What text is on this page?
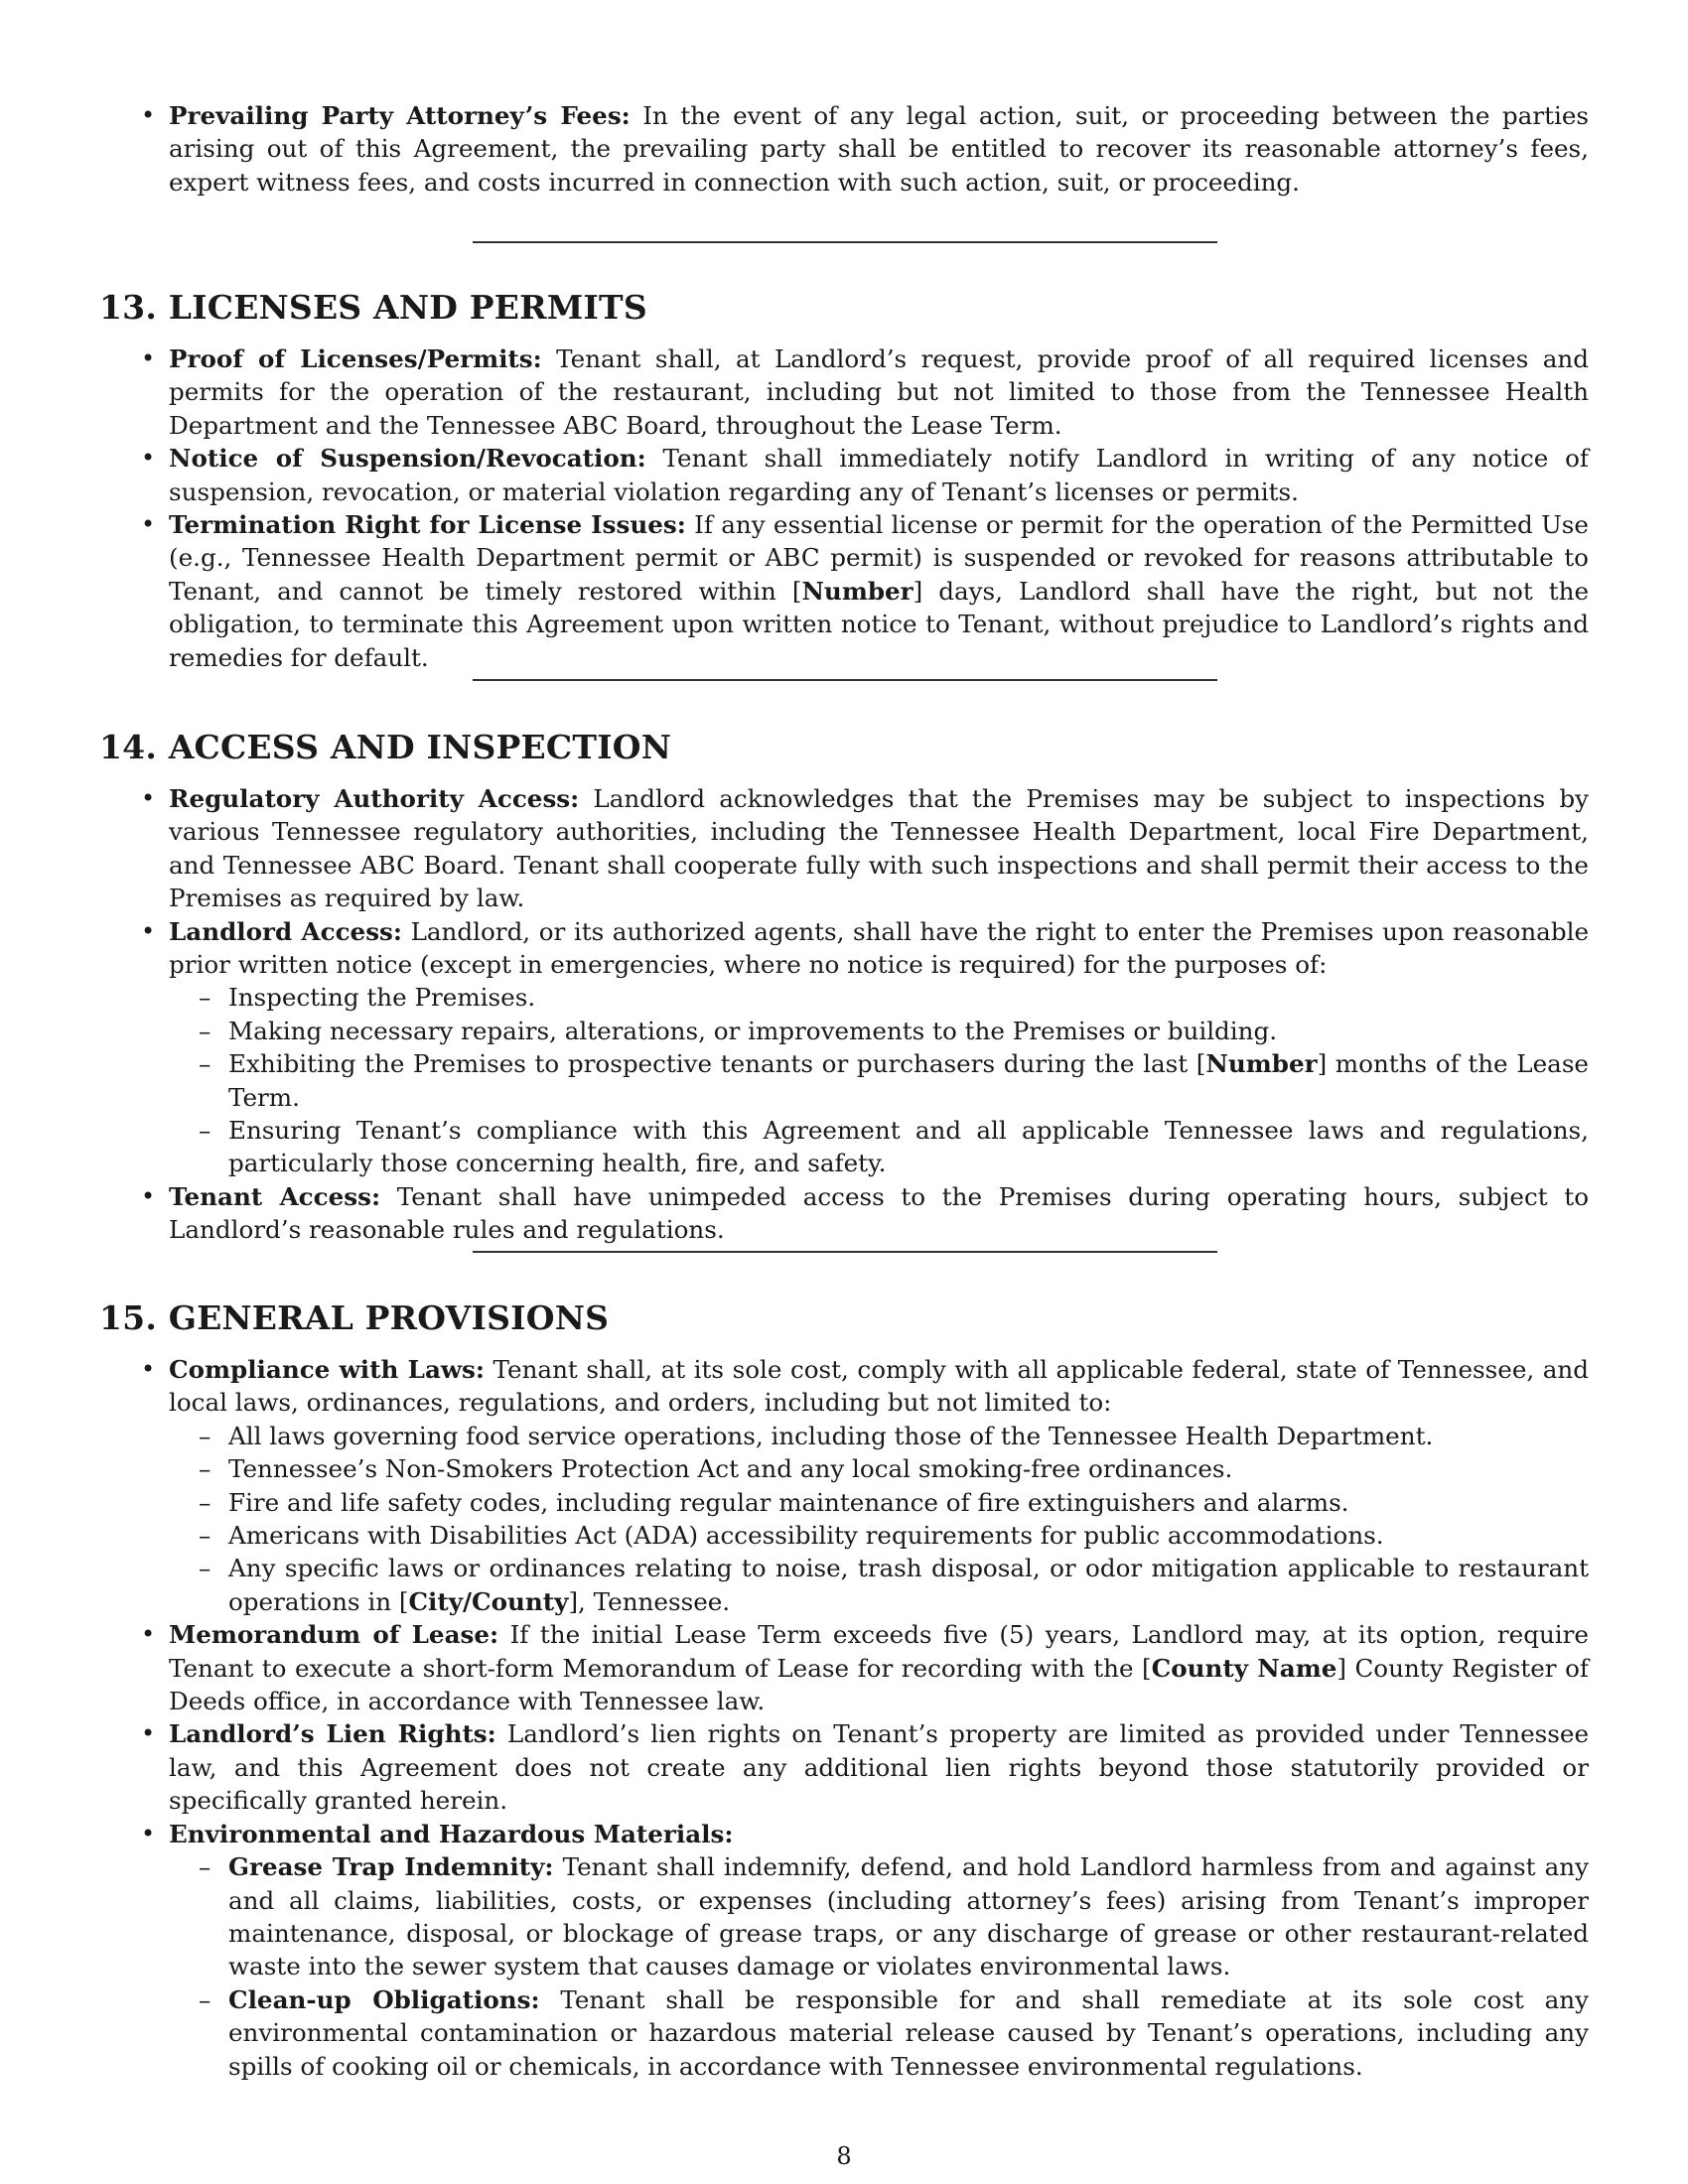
• Prevailing Party Attorney’s Fees: In the event of any legal action, suit, or proceeding between the parties arising out of this Agreement, the prevailing party shall be entitled to recover its reasonable attorney’s fees, expert witness fees, and costs incurred in connection with such action, suit, or proceeding.
13. LICENSES AND PERMITS
• Proof of Licenses/Permits: Tenant shall, at Landlord’s request, provide proof of all required licenses and permits for the operation of the restaurant, including but not limited to those from the Tennessee Health Department and the Tennessee ABC Board, throughout the Lease Term.
• Notice of Suspension/Revocation: Tenant shall immediately notify Landlord in writing of any notice of suspension, revocation, or material violation regarding any of Tenant’s licenses or permits.
• Termination Right for License Issues: If any essential license or permit for the operation of the Permitted Use (e.g., Tennessee Health Department permit or ABC permit) is suspended or revoked for reasons attributable to Tenant, and cannot be timely restored within [Number] days, Landlord shall have the right, but not the obligation, to terminate this Agreement upon written notice to Tenant, without prejudice to Landlord’s rights and remedies for default.
14. ACCESS AND INSPECTION
• Regulatory Authority Access: Landlord acknowledges that the Premises may be subject to inspections by various Tennessee regulatory authorities, including the Tennessee Health Department, local Fire Department, and Tennessee ABC Board. Tenant shall cooperate fully with such inspections and shall permit their access to the Premises as required by law.
• Landlord Access: Landlord, or its authorized agents, shall have the right to enter the Premises upon reasonable prior written notice (except in emergencies, where no notice is required) for the purposes of:
– Inspecting the Premises.
– Making necessary repairs, alterations, or improvements to the Premises or building.
– Exhibiting the Premises to prospective tenants or purchasers during the last [Number] months of the Lease Term.
– Ensuring Tenant’s compliance with this Agreement and all applicable Tennessee laws and regulations, particularly those concerning health, fire, and safety.
• Tenant Access: Tenant shall have unimpeded access to the Premises during operating hours, subject to Landlord’s reasonable rules and regulations.
15. GENERAL PROVISIONS
• Compliance with Laws: Tenant shall, at its sole cost, comply with all applicable federal, state of Tennessee, and local laws, ordinances, regulations, and orders, including but not limited to:
– All laws governing food service operations, including those of the Tennessee Health Department.
– Tennessee’s Non-Smokers Protection Act and any local smoking-free ordinances.
– Fire and life safety codes, including regular maintenance of fire extinguishers and alarms.
– Americans with Disabilities Act (ADA) accessibility requirements for public accommodations.
– Any specific laws or ordinances relating to noise, trash disposal, or odor mitigation applicable to restaurant operations in [City/County], Tennessee.
• Memorandum of Lease: If the initial Lease Term exceeds five (5) years, Landlord may, at its option, require Tenant to execute a short-form Memorandum of Lease for recording with the [County Name] County Register of Deeds office, in accordance with Tennessee law.
• Landlord’s Lien Rights: Landlord’s lien rights on Tenant’s property are limited as provided under Tennessee law, and this Agreement does not create any additional lien rights beyond those statutorily provided or specifically granted herein.
• Environmental and Hazardous Materials:
– Grease Trap Indemnity: Tenant shall indemnify, defend, and hold Landlord harmless from and against any and all claims, liabilities, costs, or expenses (including attorney’s fees) arising from Tenant’s improper maintenance, disposal, or blockage of grease traps, or any discharge of grease or other restaurant-related waste into the sewer system that causes damage or violates environmental laws.
– Clean-up Obligations: Tenant shall be responsible for and shall remediate at its sole cost any environmental contamination or hazardous material release caused by Tenant’s operations, including any spills of cooking oil or chemicals, in accordance with Tennessee environmental regulations.
8
